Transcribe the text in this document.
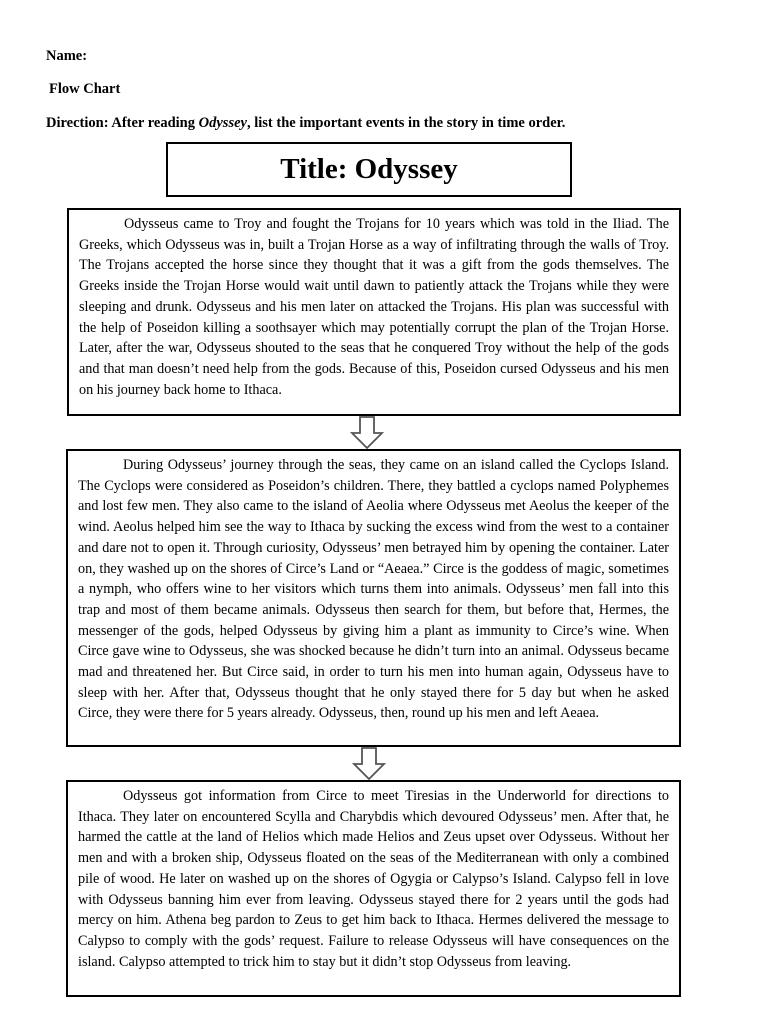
Name:
Flow Chart
Direction: After reading Odyssey, list the important events in the story in time order.
Title: Odyssey

Odysseus came to Troy and fought the Trojans for 10 years which was told in the Iliad. The Greeks, which Odysseus was in, built a Trojan Horse as a way of infiltrating through the walls of Troy. The Trojans accepted the horse since they thought that it was a gift from the gods themselves. The Greeks inside the Trojan Horse would wait until dawn to patiently attack the Trojans while they were sleeping and drunk. Odysseus and his men later on attacked the Trojans. His plan was successful with the help of Poseidon killing a soothsayer which may potentially corrupt the plan of the Trojan Horse. Later, after the war, Odysseus shouted to the seas that he conquered Troy without the help of the gods and that man doesn’t need help from the gods. Because of this, Poseidon cursed Odysseus and his men on his journey back home to Ithaca.

During Odysseus’ journey through the seas, they came on an island called the Cyclops Island. The Cyclops were considered as Poseidon’s children. There, they battled a cyclops named Polyphemes and lost few men. They also came to the island of Aeolia where Odysseus met Aeolus the keeper of the wind. Aeolus helped him see the way to Ithaca by sucking the excess wind from the west to a container and dare not to open it. Through curiosity, Odysseus’ men betrayed him by opening the container. Later on, they washed up on the shores of Circe’s Land or “Aeaea.” Circe is the goddess of magic, sometimes a nymph, who offers wine to her visitors which turns them into animals. Odysseus’ men fall into this trap and most of them became animals. Odysseus then search for them, but before that, Hermes, the messenger of the gods, helped Odysseus by giving him a plant as immunity to Circe’s wine. When Circe gave wine to Odysseus, she was shocked because he didn’t turn into an animal. Odysseus became mad and threatened her. But Circe said, in order to turn his men into human again, Odysseus have to sleep with her. After that, Odysseus thought that he only stayed there for 5 day but when he asked Circe, they were there for 5 years already. Odysseus, then, round up his men and left Aeaea.

Odysseus got information from Circe to meet Tiresias in the Underworld for directions to Ithaca. They later on encountered Scylla and Charybdis which devoured Odysseus’ men. After that, he harmed the cattle at the land of Helios which made Helios and Zeus upset over Odysseus. Without her men and with a broken ship, Odysseus floated on the seas of the Mediterranean with only a combined pile of wood. He later on washed up on the shores of Ogygia or Calypso’s Island. Calypso fell in love with Odysseus banning him ever from leaving. Odysseus stayed there for 2 years until the gods had mercy on him. Athena beg pardon to Zeus to get him back to Ithaca. Hermes delivered the message to Calypso to comply with the gods’ request. Failure to release Odysseus will have consequences on the island. Calypso attempted to trick him to stay but it didn’t stop Odysseus from leaving.
